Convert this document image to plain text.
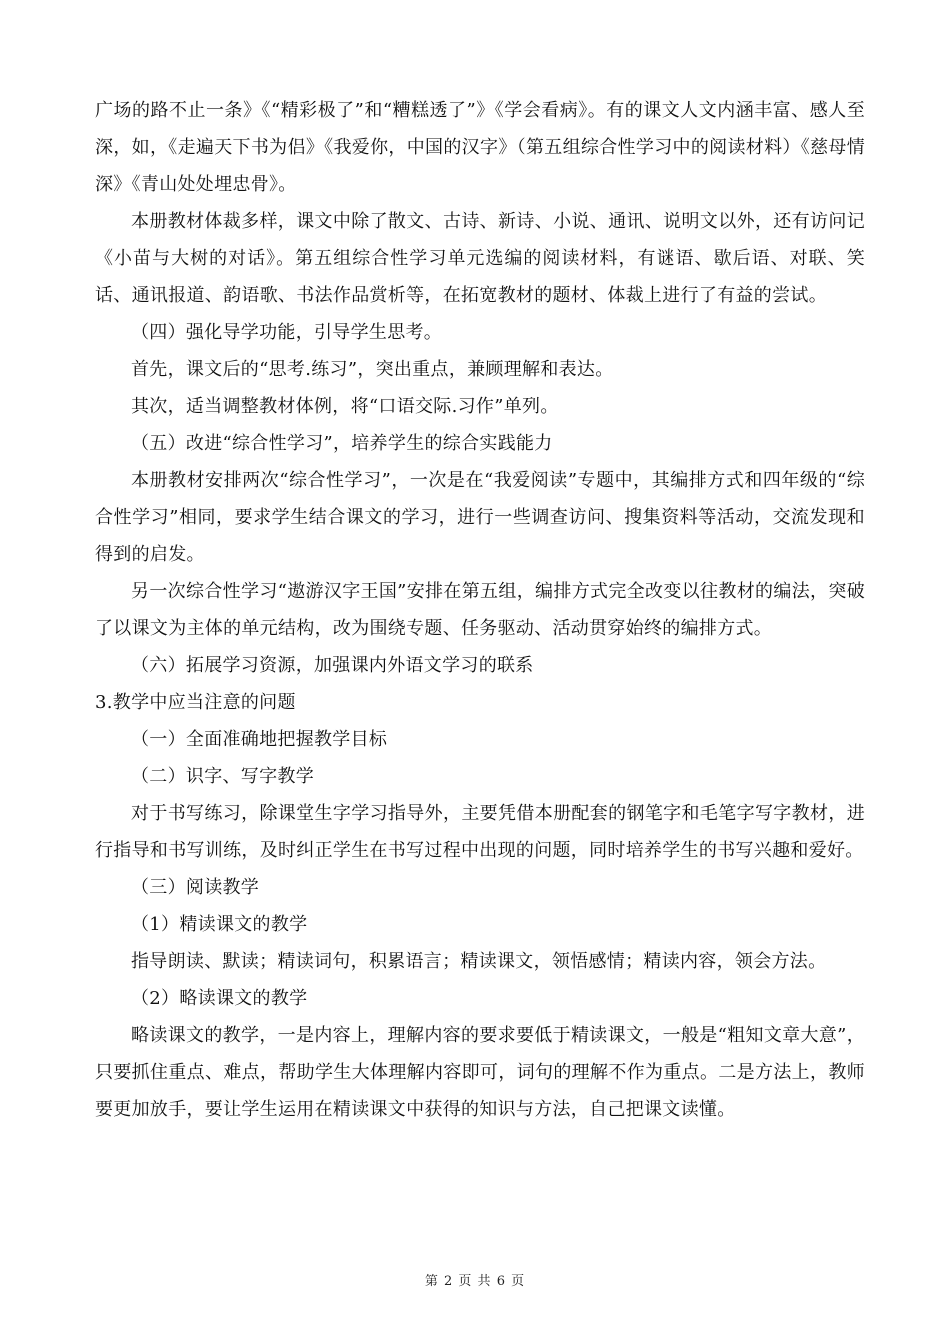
广场的路不止一条》《“精彩极了”和“糟糕透了”》《学会看病》。有的课文人文内涵丰富、感人至深，如，《走遍天下书为侣》《我爱你，中国的汉字》（第五组综合性学习中的阅读材料）《慈母情深》《青山处处埋忠骨》。

本册教材体裁多样，课文中除了散文、古诗、新诗、小说、通讯、说明文以外，还有访问记《小苗与大树的对话》。第五组综合性学习单元选编的阅读材料，有谜语、歇后语、对联、笑话、通讯报道、韵语歌、书法作品赏析等，在拓宽教材的题材、体裁上进行了有益的尝试。

（四）强化导学功能，引导学生思考。

首先，课文后的“思考.练习”，突出重点，兼顾理解和表达。

其次，适当调整教材体例，将“口语交际.习作”单列。

（五）改进“综合性学习”，培养学生的综合实践能力

本册教材安排两次“综合性学习”，一次是在“我爱阅读”专题中，其编排方式和四年级的“综合性学习”相同，要求学生结合课文的学习，进行一些调查访问、搜集资料等活动，交流发现和得到的启发。

另一次综合性学习“遨游汉字王国”安排在第五组，编排方式完全改变以往教材的编法，突破了以课文为主体的单元结构，改为围绕专题、任务驱动、活动贯穿始终的编排方式。

（六）拓展学习资源，加强课内外语文学习的联系

3.教学中应当注意的问题

（一）全面准确地把握教学目标

（二）识字、写字教学

对于书写练习，除课堂生字学习指导外，主要凭借本册配套的钢笔字和毛笔字写字教材，进行指导和书写训练，及时纠正学生在书写过程中出现的问题，同时培养学生的书写兴趣和爱好。

（三）阅读教学

（1）精读课文的教学

指导朗读、默读；精读词句，积累语言；精读课文，领悟感情；精读内容，领会方法。

（2）略读课文的教学

略读课文的教学，一是内容上，理解内容的要求要低于精读课文，一般是“粗知文章大意”，只要抓住重点、难点，帮助学生大体理解内容即可，词句的理解不作为重点。二是方法上，教师要更加放手，要让学生运用在精读课文中获得的知识与方法，自己把课文读懂。

第 2 页 共 6 页
